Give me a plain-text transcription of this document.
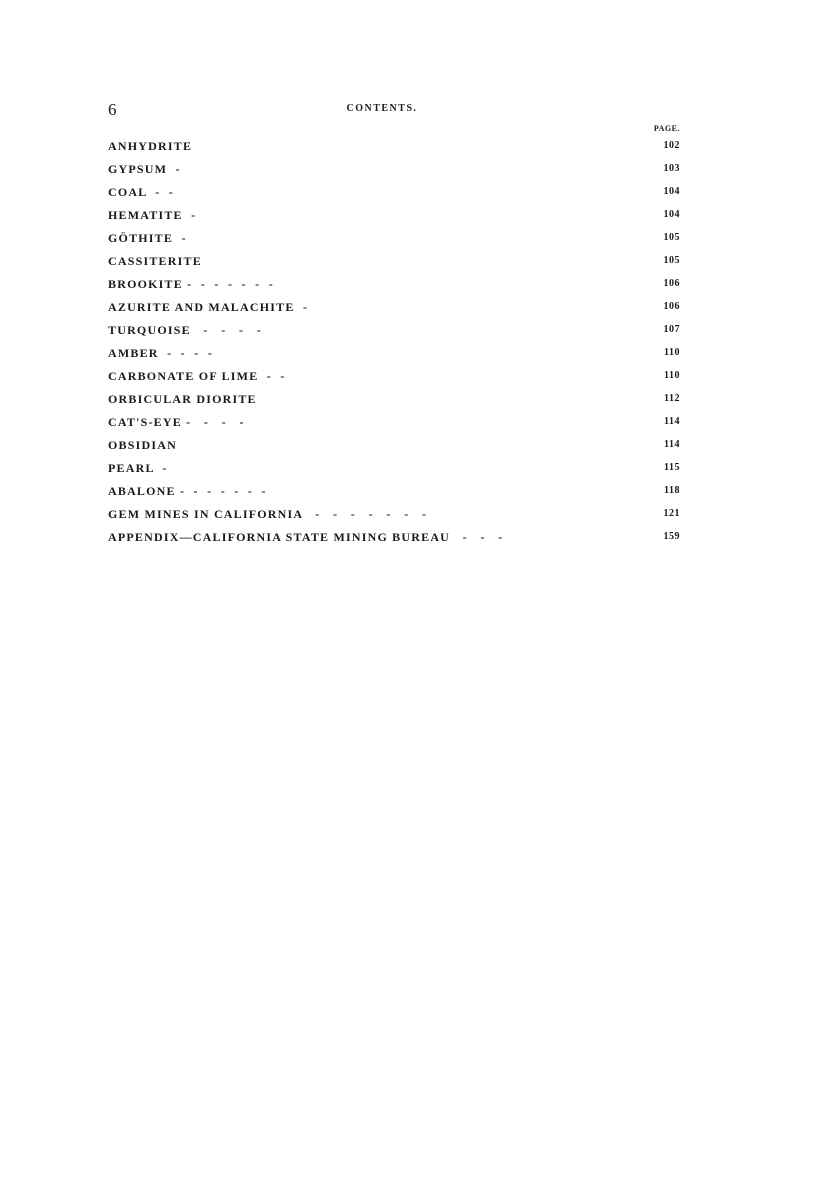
6	CONTENTS.
PAGE.
ANHYDRITE	102
GYPSUM  -	103
COAL  -  -	104
HEMATITE  -	104
GÖTHITE  -	105
CASSITERITE	105
BROOKITE -  -  -  -  -  -  -	106
AZURITE AND MALACHITE  -	106
TURQUOISE   -   -   -   -	107
AMBER  -  -  -  -	110
CARBONATE OF LIME  -  -	110
ORBICULAR DIORITE	112
CAT'S-EYE -   -   -   -	114
OBSIDIAN	114
PEARL  -	115
ABALONE -  -  -  -  -  -  -	118
GEM MINES IN CALIFORNIA   -   -   -   -   -   -   -	121
APPENDIX—CALIFORNIA STATE MINING BUREAU   -   -   -	159
